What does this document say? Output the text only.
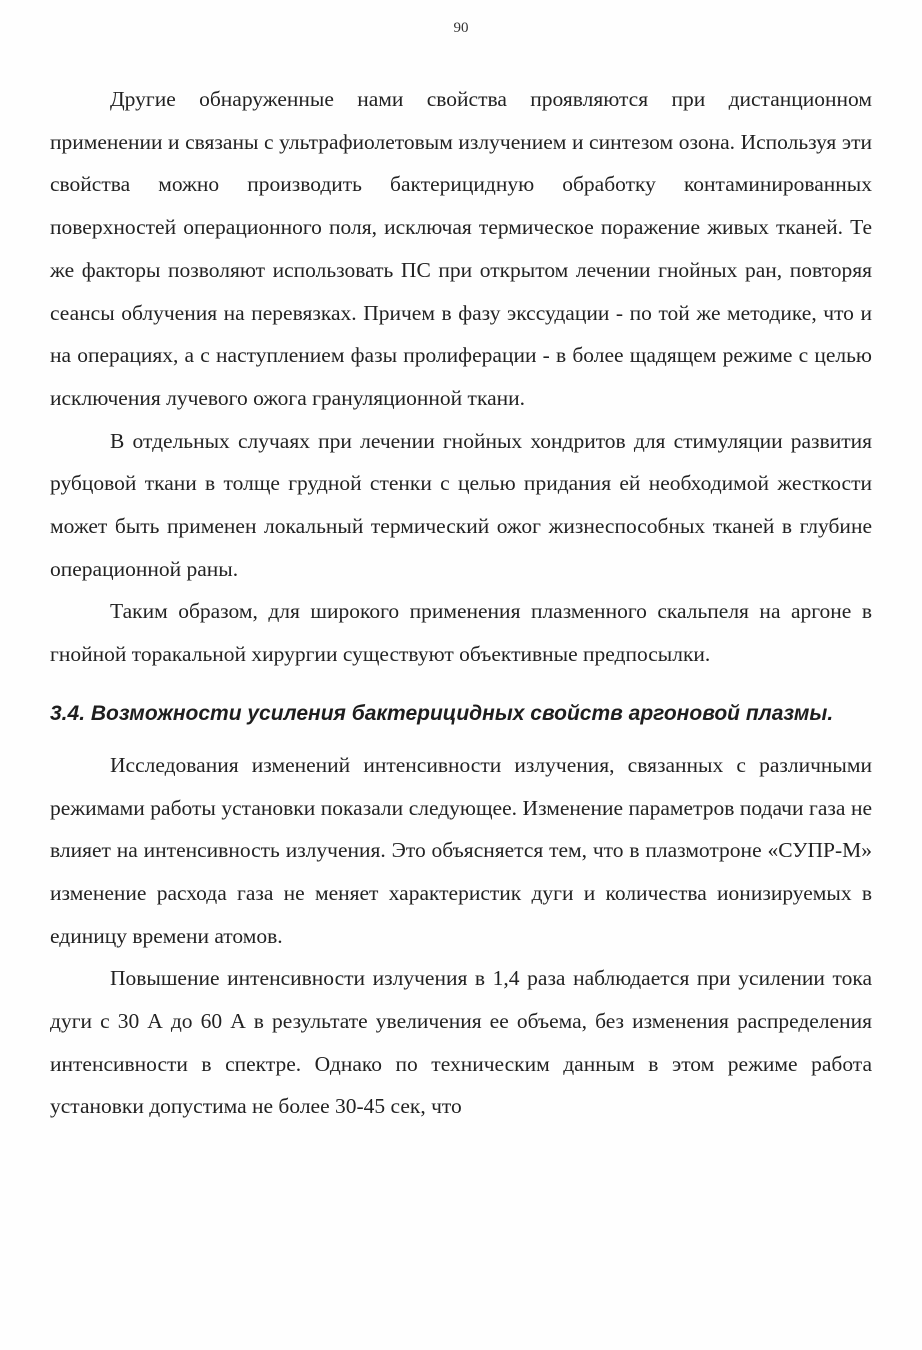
90

Другие обнаруженные нами свойства проявляются при дистанционном применении и связаны с ультрафиолетовым излучением и синтезом озона. Используя эти свойства можно производить бактерицидную обработку контаминированных поверхностей операционного поля, исключая термическое поражение живых тканей. Те же факторы позволяют использовать ПС при открытом лечении гнойных ран, повторяя сеансы облучения на перевязках. Причем в фазу экссудации - по той же методике, что и на операциях, а с наступлением фазы пролиферации - в более щадящем режиме с целью исключения лучевого ожога грануляционной ткани.

В отдельных случаях при лечении гнойных хондритов для стимуляции развития рубцовой ткани в толще грудной стенки с целью придания ей необходимой жесткости может быть применен локальный термический ожог жизнеспособных тканей в глубине операционной раны.

Таким образом, для широкого применения плазменного скальпеля на аргоне в гнойной торакальной хирургии существуют объективные предпосылки.

3.4. Возможности усиления бактерицидных свойств аргоновой плазмы.

Исследования изменений интенсивности излучения, связанных с различными режимами работы установки показали следующее. Изменение параметров подачи газа не влияет на интенсивность излучения. Это объясняется тем, что в плазмотроне «СУПР-М» изменение расхода газа не меняет характеристик дуги и количества ионизируемых в единицу времени атомов.

Повышение интенсивности излучения в 1,4 раза наблюдается при усилении тока дуги с 30 А до 60 А в результате увеличения ее объема, без изменения распределения интенсивности в спектре. Однако по техническим данным в этом режиме работа установки допустима не более 30-45 сек, что
